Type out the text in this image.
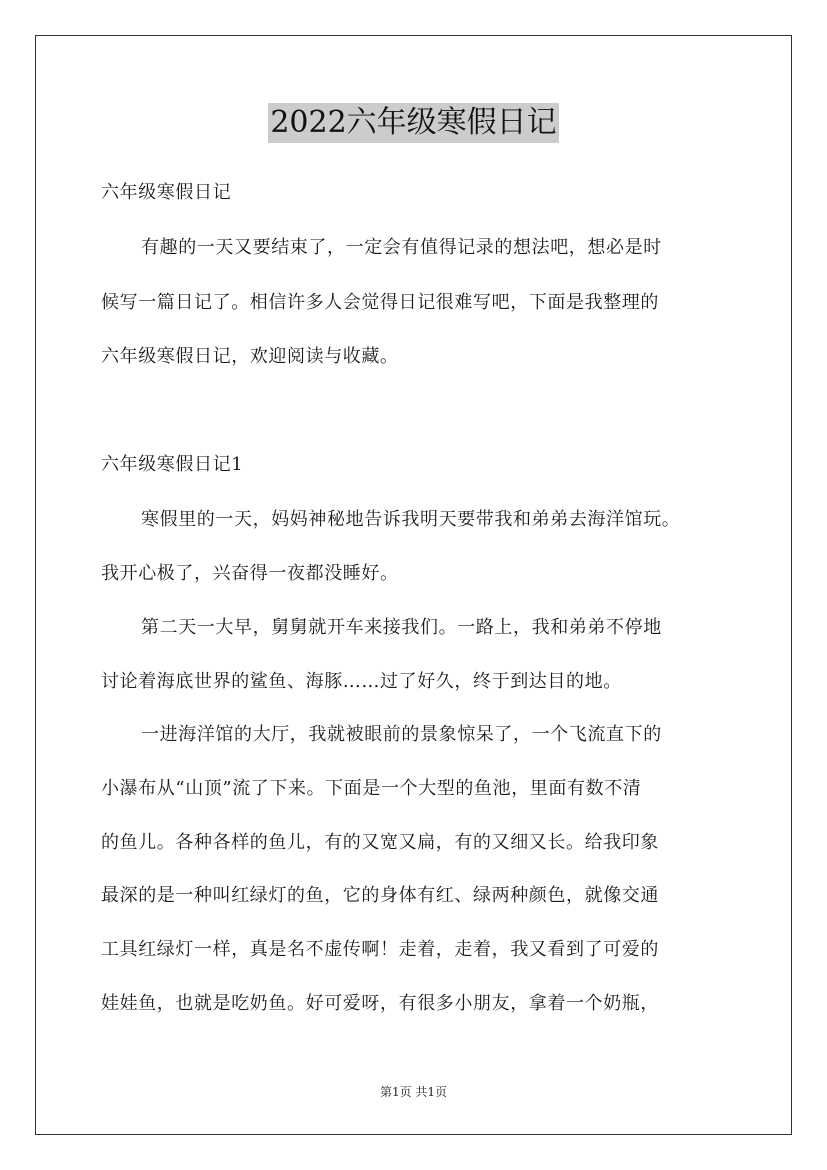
2022六年级寒假日记
六年级寒假日记
有趣的一天又要结束了，一定会有值得记录的想法吧，想必是时
候写一篇日记了。相信许多人会觉得日记很难写吧，下面是我整理的
六年级寒假日记，欢迎阅读与收藏。
六年级寒假日记1
寒假里的一天，妈妈神秘地告诉我明天要带我和弟弟去海洋馆玩。
我开心极了，兴奋得一夜都没睡好。
第二天一大早，舅舅就开车来接我们。一路上，我和弟弟不停地
讨论着海底世界的鲨鱼、海豚……过了好久，终于到达目的地。
一进海洋馆的大厅，我就被眼前的景象惊呆了，一个飞流直下的
小瀑布从“山顶”流了下来。下面是一个大型的鱼池，里面有数不清
的鱼儿。各种各样的鱼儿，有的又宽又扁，有的又细又长。给我印象
最深的是一种叫红绿灯的鱼，它的身体有红、绿两种颜色，就像交通
工具红绿灯一样，真是名不虚传啊！走着，走着，我又看到了可爱的
娃娃鱼，也就是吃奶鱼。好可爱呀，有很多小朋友，拿着一个奶瓶，
第1页 共1页
